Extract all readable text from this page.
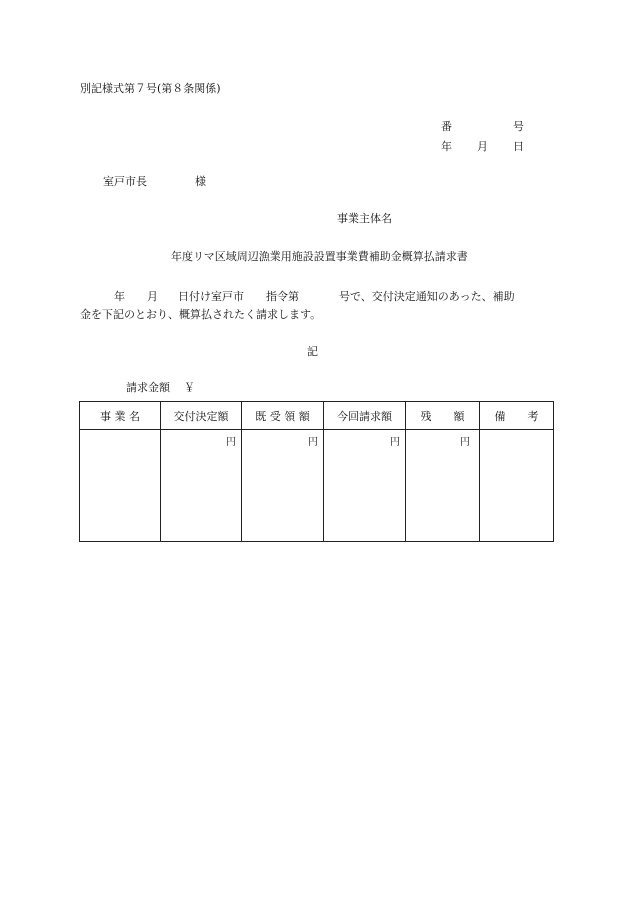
別記様式第７号(第８条関係)
番	号
年 月 日
室戸市長	様
事業主体名
年度リマ区域周辺漁業用施設設置事業費補助金概算払請求書
年 月 日付け室戸市 指令第	号で、交付決定通知のあった、補助
金を下記のとおり、概算払されたく請求します。
記
請求金額 ￥
事 業 名	交付決定額	既 受 領 額	今回請求額	残　　額	備　　考
	円	円	円	円	
